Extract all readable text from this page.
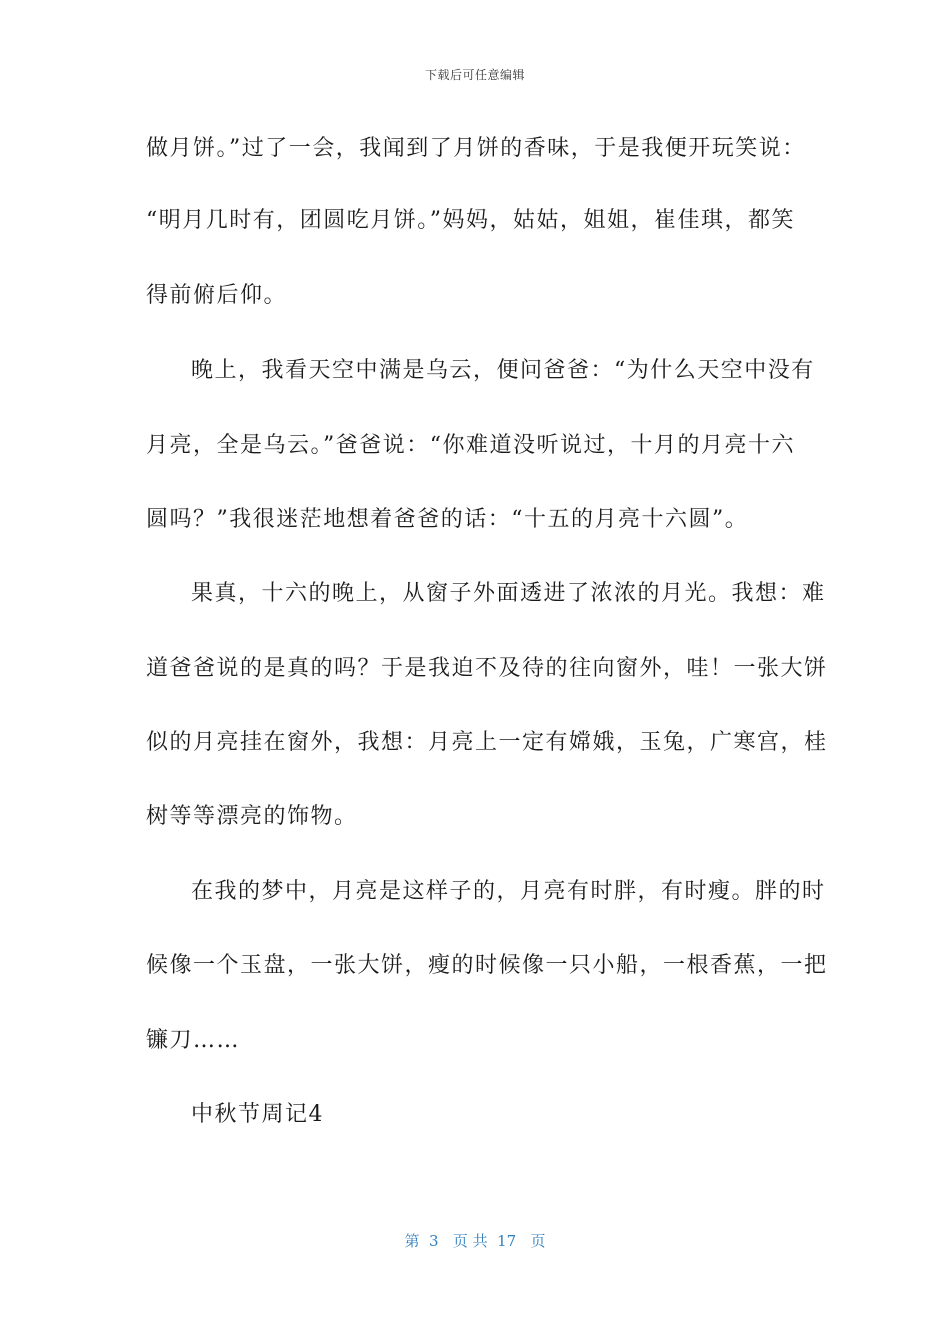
下载后可任意编辑
做月饼。”过了一会，我闻到了月饼的香味，于是我便开玩笑说：
“明月几时有，团圆吃月饼。”妈妈，姑姑，姐姐，崔佳琪，都笑
得前俯后仰。
晚上，我看天空中满是乌云，便问爸爸：“为什么天空中没有
月亮，全是乌云。”爸爸说：“你难道没听说过，十月的月亮十六
圆吗？”我很迷茫地想着爸爸的话：“十五的月亮十六圆”。
果真，十六的晚上，从窗子外面透进了浓浓的月光。我想：难
道爸爸说的是真的吗？于是我迫不及待的往向窗外，哇！一张大饼
似的月亮挂在窗外，我想：月亮上一定有嫦娥，玉兔，广寒宫，桂
树等等漂亮的饰物。
在我的梦中，月亮是这样子的，月亮有时胖，有时瘦。胖的时
候像一个玉盘，一张大饼，瘦的时候像一只小船，一根香蕉，一把
镰刀……
中秋节周记4
第  3   页 共  17   页
